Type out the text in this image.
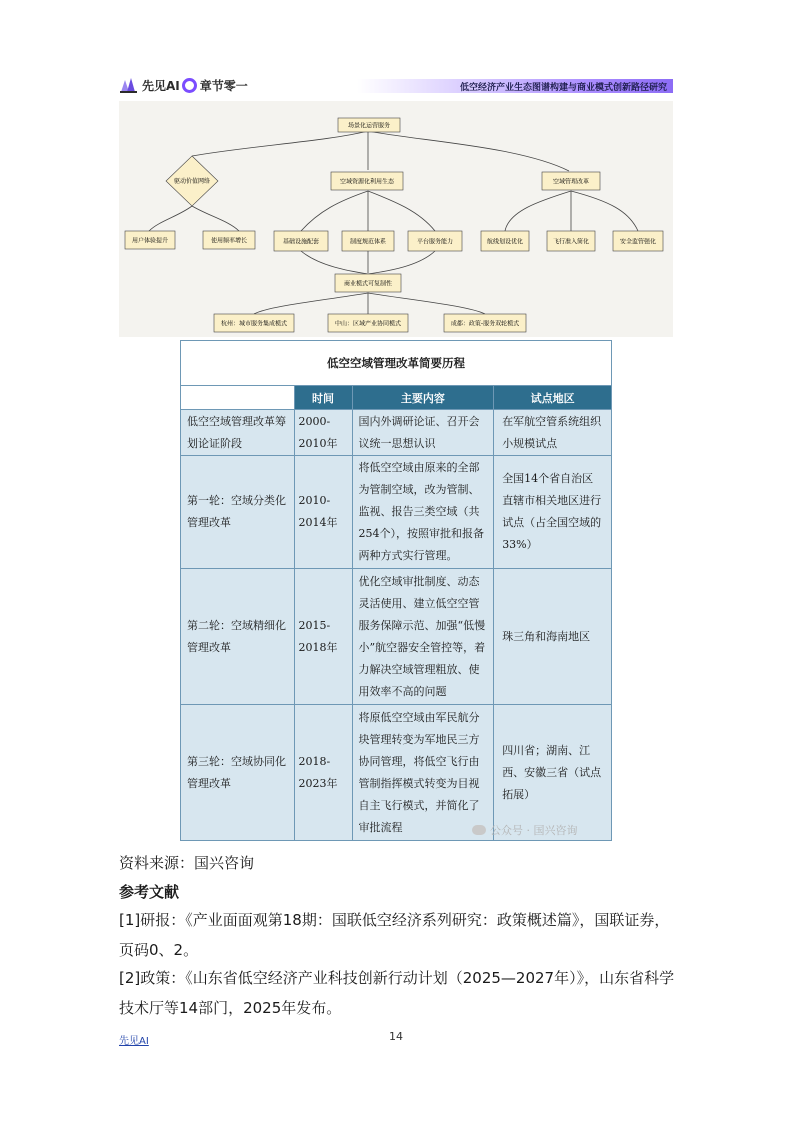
先见AI 章节零一	低空经济产业生态图谱构建与商业模式创新路径研究
场景化运营服务
驱动价值网络	空域资源化利用生态	空域管理改革
用户体验提升	使用频率增长	基础设施配套	制度规范体系	平台服务能力	航线划设优化	飞行准入简化	安全监管强化
商业模式可复制性
杭州：城市服务集成模式	中山：区域产业协同模式	成都：政策-服务双轮模式
低空空域管理改革简要历程			
	时间	主要内容	试点地区

低空空域管理改革筹划论证阶段	2000-2010年	国内外调研论证、召开会议统一思想认识	在军航空管系统组织小规模试点

第一轮：空域分类化管理改革	2010-2014年	将低空空域由原来的全部为管制空域，改为管制、监视、报告三类空域（共254个），按照审批和报备两种方式实行管理。	全国14个省自治区直辖市相关地区进行试点（占全国空域的33%）

第二轮：空域精细化管理改革	2015-2018年	优化空域审批制度、动态灵活使用、建立低空空管服务保障示范、加强“低慢小”航空器安全管控等，着力解决空域管理粗放、使用效率不高的问题	珠三角和海南地区

第三轮：空域协同化管理改革	2018-2023年	将原低空空域由军民航分块管理转变为军地民三方协同管理，将低空飞行由管制指挥模式转变为目视自主飞行模式，并简化了审批流程	四川省；湖南、江西、安徽三省（试点拓展）
公众号 · 国兴咨询
资料来源：国兴咨询
参考文献
[1]研报：《产业面面观第18期：国联低空经济系列研究：政策概述篇》，国联证券，页码0、2。
[2]政策：《山东省低空经济产业科技创新行动计划（2025—2027年）》，山东省科学技术厅等14部门，2025年发布。
先见AI	14
